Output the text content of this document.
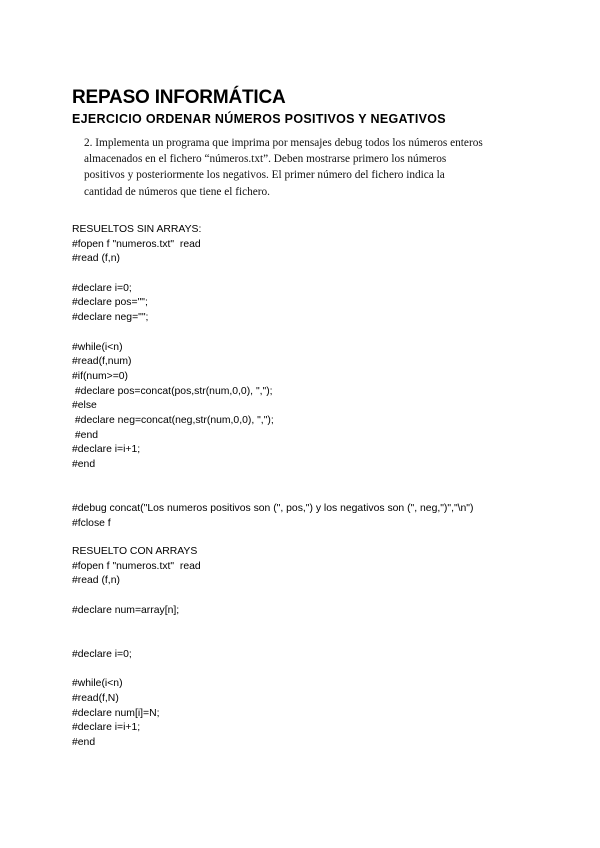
REPASO INFORMÁTICA
EJERCICIO ORDENAR NÚMEROS POSITIVOS Y NEGATIVOS
2. Implementa un programa que imprima por mensajes debug todos los números enteros
almacenados en el fichero “números.txt”. Deben mostrarse primero los números
positivos y posteriormente los negativos. El primer número del fichero indica la
cantidad de números que tiene el fichero.
RESUELTOS SIN ARRAYS:
#fopen f "numeros.txt"  read
#read (f,n)
#declare i=0;
#declare pos="";
#declare neg="";
#while(i<n)
#read(f,num)
#if(num>=0)
#declare pos=concat(pos,str(num,0,0), ",");
#else
#declare neg=concat(neg,str(num,0,0), ",");
#end
#declare i=i+1;
#end
#debug concat("Los numeros positivos son (", pos,") y los negativos son (", neg,")","\n")
#fclose f
RESUELTO CON ARRAYS
#fopen f "numeros.txt"  read
#read (f,n)
#declare num=array[n];
#declare i=0;
#while(i<n)
#read(f,N)
#declare num[i]=N;
#declare i=i+1;
#end
